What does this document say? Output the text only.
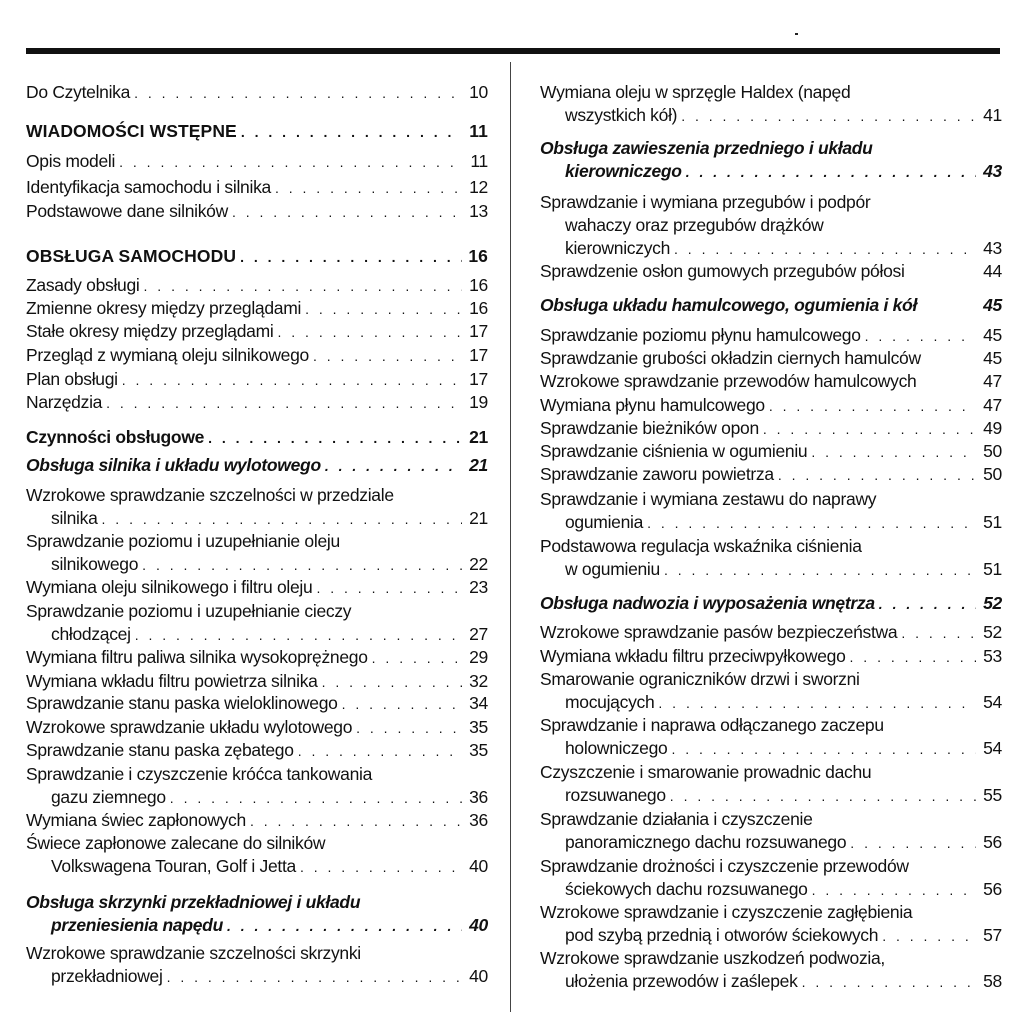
Do Czytelnika . . .	10
WIADOMOŚCI WSTĘPNE . . .	11
Opis modeli . . .	11
Identyfikacja samochodu i silnika . . .	12
Podstawowe dane silników . . .	13
OBSŁUGA SAMOCHODU . . .	16
Zasady obsługi . . .	16
Zmienne okresy między przeglądami . . .	16
Stałe okresy między przeglądami . . .	17
Przegląd z wymianą oleju silnikowego . . .	17
Plan obsługi . . .	17
Narzędzia . . .	19
Czynności obsługowe . . .	21
Obsługa silnika i układu wylotowego . . .	21
Wzrokowe sprawdzanie szczelności w przedziale
silnika . . .	21
Sprawdzanie poziomu i uzupełnianie oleju
silnikowego . . .	22
Wymiana oleju silnikowego i filtru oleju . . .	23
Sprawdzanie poziomu i uzupełnianie cieczy
chłodzącej . . .	27
Wymiana filtru paliwa silnika wysokoprężnego . . .	29
Wymiana wkładu filtru powietrza silnika . . .	32
Sprawdzanie stanu paska wieloklinowego . . .	34
Wzrokowe sprawdzanie układu wylotowego . . .	35
Sprawdzanie stanu paska zębatego . . .	35
Sprawdzanie i czyszczenie króćca tankowania
gazu ziemnego . . .	36
Wymiana świec zapłonowych . . .	36
Świece zapłonowe zalecane do silników
Volkswagena Touran, Golf i Jetta . . .	40
Obsługa skrzynki przekładniowej i układu
przeniesienia napędu . . .	40
Wzrokowe sprawdzanie szczelności skrzynki
przekładniowej . . .	40
Wymiana oleju w sprzęgle Haldex (napęd
wszystkich kół) . . .	41
Obsługa zawieszenia przedniego i układu
kierowniczego . . .	43
Sprawdzanie i wymiana przegubów i podpór
wahaczy oraz przegubów drążków
kierowniczych . . .	43
Sprawdzenie osłon gumowych przegubów półosi	44
Obsługa układu hamulcowego, ogumienia i kół	45
Sprawdzanie poziomu płynu hamulcowego . . .	45
Sprawdzanie grubości okładzin ciernych hamulców	45
Wzrokowe sprawdzanie przewodów hamulcowych	47
Wymiana płynu hamulcowego . . .	47
Sprawdzanie bieżników opon . . .	49
Sprawdzanie ciśnienia w ogumieniu . . .	50
Sprawdzanie zaworu powietrza . . .	50
Sprawdzanie i wymiana zestawu do naprawy
ogumienia . . .	51
Podstawowa regulacja wskaźnika ciśnienia
w ogumieniu . . .	51
Obsługa nadwozia i wyposażenia wnętrza . . .	52
Wzrokowe sprawdzanie pasów bezpieczeństwa . . .	52
Wymiana wkładu filtru przeciwpyłkowego . . .	53
Smarowanie ograniczników drzwi i sworzni
mocujących . . .	54
Sprawdzanie i naprawa odłączanego zaczepu
holowniczego . . .	54
Czyszczenie i smarowanie prowadnic dachu
rozsuwanego . . .	55
Sprawdzanie działania i czyszczenie
panoramicznego dachu rozsuwanego . . .	56
Sprawdzanie drożności i czyszczenie przewodów
ściekowych dachu rozsuwanego . . .	56
Wzrokowe sprawdzanie i czyszczenie zagłębienia
pod szybą przednią i otworów ściekowych . . .	57
Wzrokowe sprawdzanie uszkodzeń podwozia,
ułożenia przewodów i zaślepek . . .	58
